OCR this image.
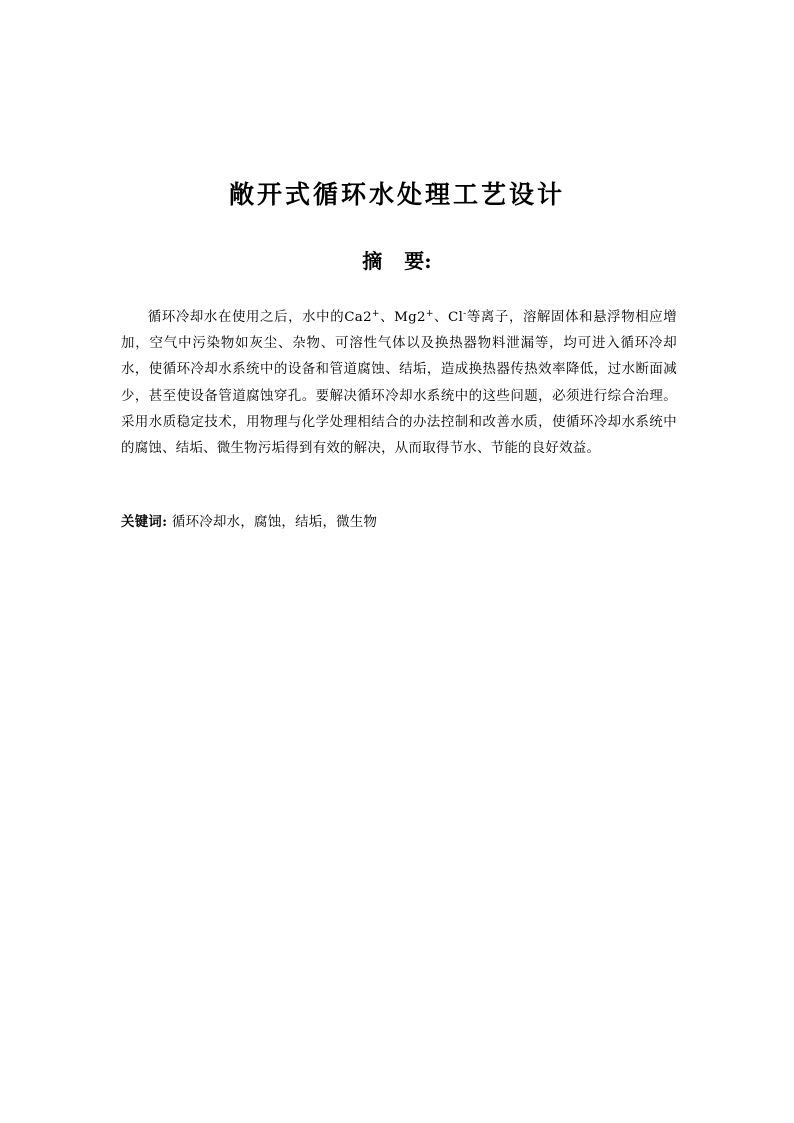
敞开式循环水处理工艺设计
摘 要:

循环冷却水在使用之后，水中的Ca2+、Mg2+、Cl-等离子，溶解固体和悬浮物相应增加，空气中污染物如灰尘、杂物、可溶性气体以及换热器物料泄漏等，均可进入循环冷却水，使循环冷却水系统中的设备和管道腐蚀、结垢，造成换热器传热效率降低，过水断面减少，甚至使设备管道腐蚀穿孔。要解决循环冷却水系统中的这些问题，必须进行综合治理。采用水质稳定技术，用物理与化学处理相结合的办法控制和改善水质，使循环冷却水系统中的腐蚀、结垢、微生物污垢得到有效的解决，从而取得节水、节能的良好效益。

关键词: 循环冷却水，腐蚀，结垢，微生物
